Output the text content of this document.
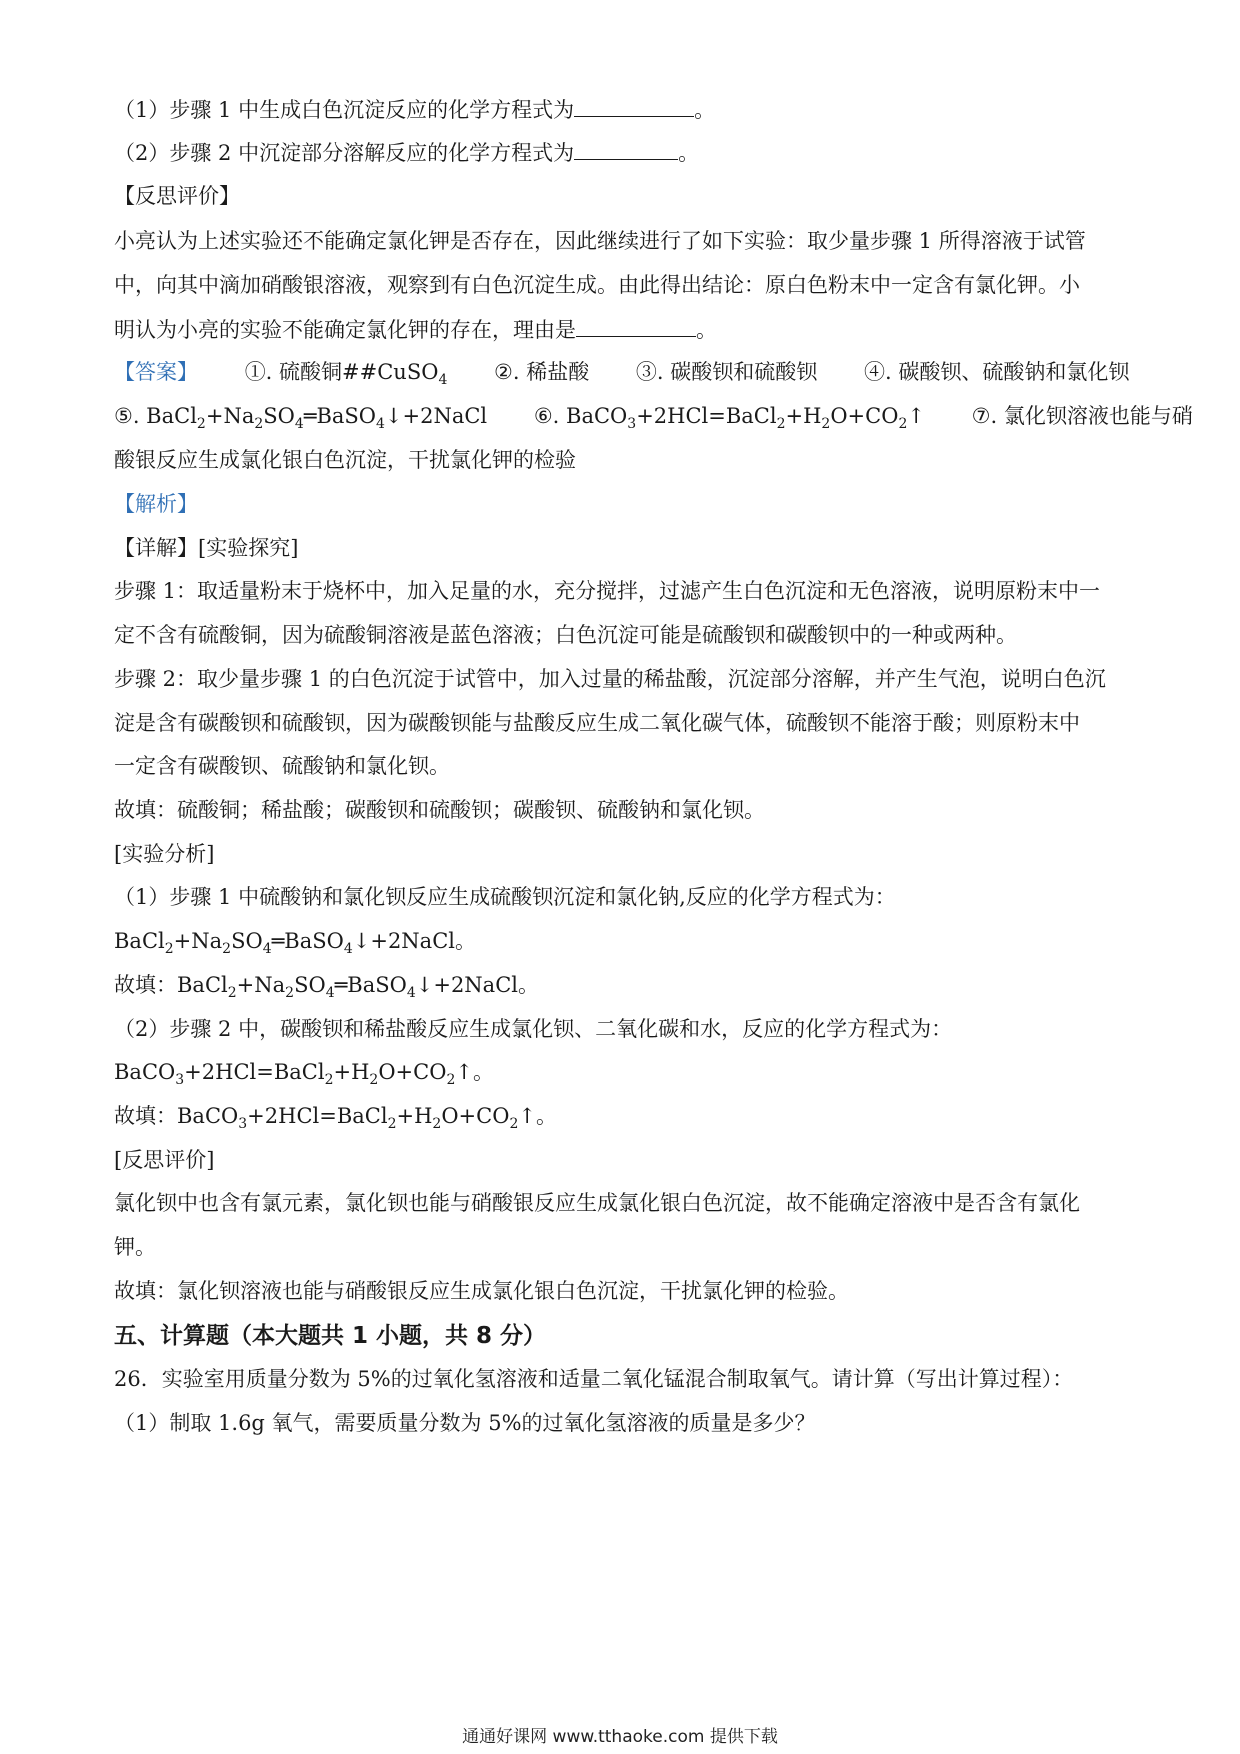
（1）步骤 1 中生成白色沉淀反应的化学方程式为	。
（2）步骤 2 中沉淀部分溶解反应的化学方程式为	。
【反思评价】
小亮认为上述实验还不能确定氯化钾是否存在，因此继续进行了如下实验：取少量步骤 1 所得溶液于试管
中，向其中滴加硝酸银溶液，观察到有白色沉淀生成。由此得出结论：原白色粉末中一定含有氯化钾。小
明认为小亮的实验不能确定氯化钾的存在，理由是	。
【答案】 ①. 硫酸铜##CuSO$_4$ ②. 稀盐酸 ③. 碳酸钡和硫酸钡 ④. 碳酸钡、硫酸钠和氯化钡
⑤. $BaCl_2+Na_2SO_4═BaSO_4↓+2NaCl$ ⑥. $BaCO_3+2HCl=BaCl_2+H_2O+CO_2↑$ ⑦. 氯化钡溶液也能与硝
酸银反应生成氯化银白色沉淀，干扰氯化钾的检验
【解析】
【详解】[实验探究]
步骤 1：取适量粉末于烧杯中，加入足量的水，充分搅拌，过滤产生白色沉淀和无色溶液，说明原粉末中一
定不含有硫酸铜，因为硫酸铜溶液是蓝色溶液；白色沉淀可能是硫酸钡和碳酸钡中的一种或两种。
步骤 2：取少量步骤 1 的白色沉淀于试管中，加入过量的稀盐酸，沉淀部分溶解，并产生气泡，说明白色沉
淀是含有碳酸钡和硫酸钡，因为碳酸钡能与盐酸反应生成二氧化碳气体，硫酸钡不能溶于酸；则原粉末中
一定含有碳酸钡、硫酸钠和氯化钡。
故填：硫酸铜；稀盐酸；碳酸钡和硫酸钡；碳酸钡、硫酸钠和氯化钡。
[实验分析]
（1）步骤 1 中硫酸钠和氯化钡反应生成硫酸钡沉淀和氯化钠,反应的化学方程式为：
$BaCl_2+Na_2SO_4═BaSO_4↓+2NaCl$。
故填：$BaCl_2+Na_2SO_4═BaSO_4↓+2NaCl$。
（2）步骤 2 中，碳酸钡和稀盐酸反应生成氯化钡、二氧化碳和水，反应的化学方程式为：
$BaCO_3+2HCl=BaCl_2+H_2O+CO_2↑$。
故填：$BaCO_3+2HCl=BaCl_2+H_2O+CO_2↑$。
[反思评价]
氯化钡中也含有氯元素，氯化钡也能与硝酸银反应生成氯化银白色沉淀，故不能确定溶液中是否含有氯化
钾。
故填：氯化钡溶液也能与硝酸银反应生成氯化银白色沉淀，干扰氯化钾的检验。
五、计算题（本大题共 1 小题，共 8 分）
26．实验室用质量分数为 5%的过氧化氢溶液和适量二氧化锰混合制取氧气。请计算（写出计算过程）：
（1）制取 1.6g 氧气，需要质量分数为 5%的过氧化氢溶液的质量是多少？
通通好课网 www.tthaoke.com 提供下载
